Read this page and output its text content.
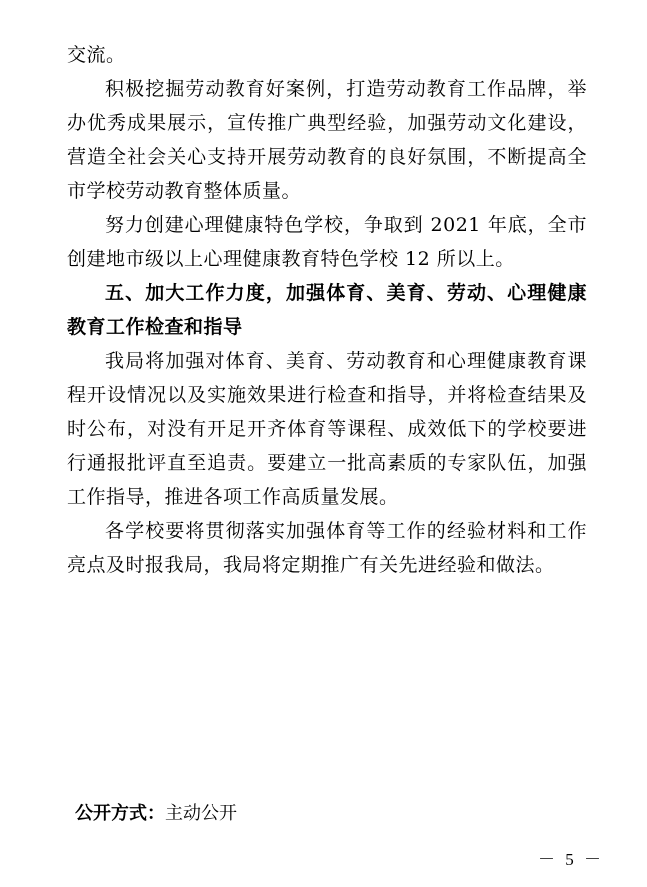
交流。

积极挖掘劳动教育好案例，打造劳动教育工作品牌，举办优秀成果展示，宣传推广典型经验，加强劳动文化建设，营造全社会关心支持开展劳动教育的良好氛围，不断提高全市学校劳动教育整体质量。

努力创建心理健康特色学校，争取到 2021 年底，全市创建地市级以上心理健康教育特色学校 12 所以上。

五、加大工作力度，加强体育、美育、劳动、心理健康教育工作检查和指导

我局将加强对体育、美育、劳动教育和心理健康教育课程开设情况以及实施效果进行检查和指导，并将检查结果及时公布，对没有开足开齐体育等课程、成效低下的学校要进行通报批评直至追责。要建立一批高素质的专家队伍，加强工作指导，推进各项工作高质量发展。

各学校要将贯彻落实加强体育等工作的经验材料和工作亮点及时报我局，我局将定期推广有关先进经验和做法。

公开方式：主动公开
－ 5 －
